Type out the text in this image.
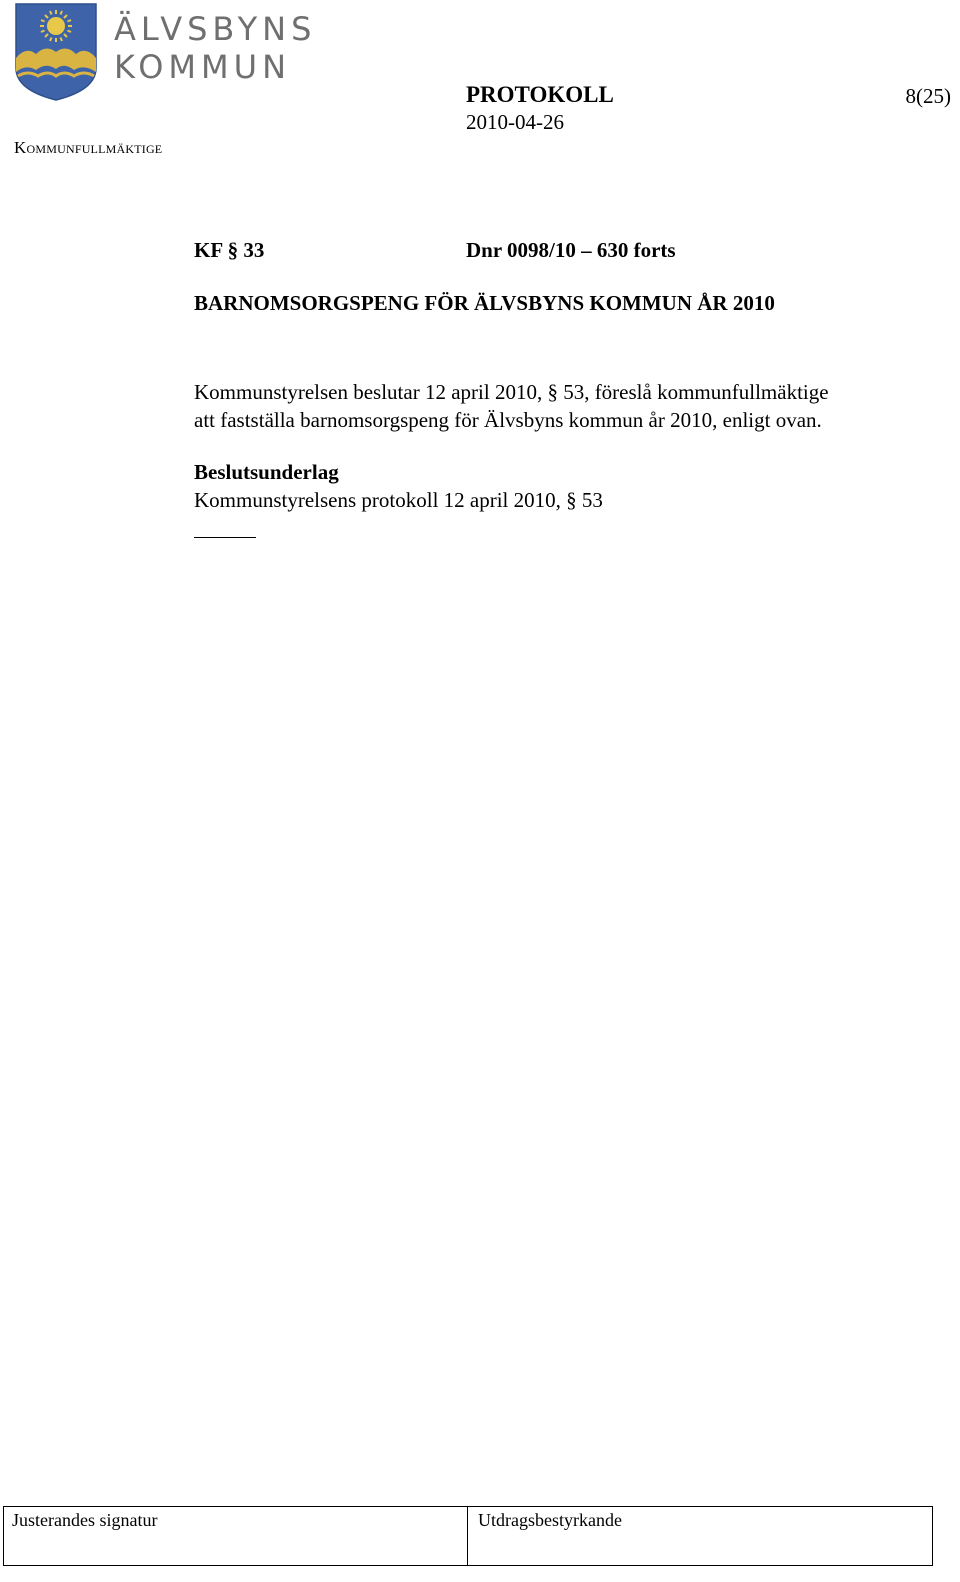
ÄLVSBYNS
KOMMUN
Kommunfullmäktige
PROTOKOLL	8(25)
2010-04-26
KF § 33	Dnr 0098/10 – 630 forts
BARNOMSORGSPENG FÖR ÄLVSBYNS KOMMUN ÅR 2010
Kommunstyrelsen beslutar 12 april 2010, § 53, föreslå kommunfullmäktige
att fastställa barnomsorgspeng för Älvsbyns kommun år 2010, enligt ovan.
Beslutsunderlag
Kommunstyrelsens protokoll 12 april 2010, § 53
Justerandes signatur	Utdragsbestyrkande
